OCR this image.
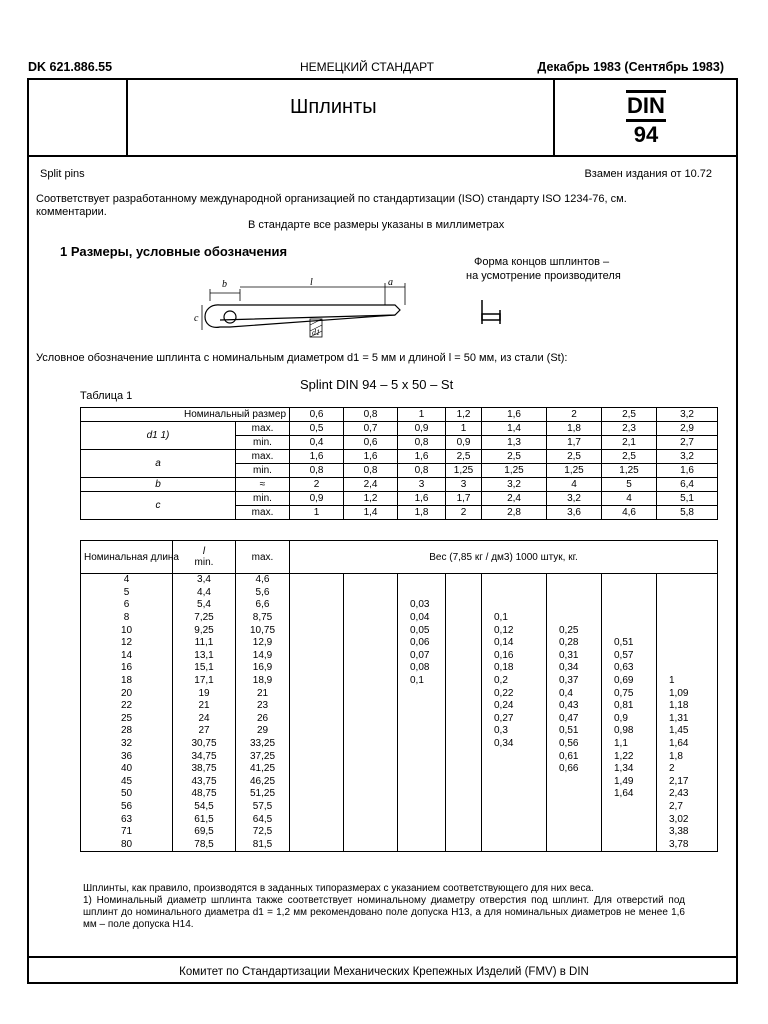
DK 621.886.55	НЕМЕЦКИЙ СТАНДАРТ	Декабрь 1983 (Сентябрь 1983)
Шплинты	DIN
94
Split pins	Взамен издания от 10.72
Соответствует разработанному международной организацией по стандартизации (ISO) стандарту ISO 1234-76, см. комментарии.
В стандарте все размеры указаны в миллиметрах
1 Размеры, условные обозначения
Форма концов шплинтов –
на усмотрение производителя
b	l	a
c
d1
Условное обозначение шплинта с номинальным диаметром d1 = 5 мм и длиной l = 50 мм, из стали (St):
Splint DIN 94 – 5 x 50 – St
Таблица 1
Номинальный размер		0,6	0,8	1	1,2	1,6	2	2,5	3,2
d1 1)	max.	0,5	0,7	0,9	1	1,4	1,8	2,3	2,9
	min.	0,4	0,6	0,8	0,9	1,3	1,7	2,1	2,7
a	max.	1,6	1,6	1,6	2,5	2,5	2,5	2,5	3,2
	min.	0,8	0,8	0,8	1,25	1,25	1,25	1,25	1,6
b	≈	2	2,4	3	3	3,2	4	5	6,4
c	min.	0,9	1,2	1,6	1,7	2,4	3,2	4	5,1
	max.	1	1,4	1,8	2	2,8	3,6	4,6	5,8
Номинальная длина	l
min.	max.	Вес (7,85 кг / дм3) 1000 штук, кг.							
4	3,4	4,6								
5	4,4	5,6								
6	5,4	6,6			0,03					
8	7,25	8,75			0,04		0,1			
10	9,25	10,75			0,05		0,12	0,25		
12	11,1	12,9			0,06		0,14	0,28	0,51	
14	13,1	14,9			0,07		0,16	0,31	0,57	
16	15,1	16,9			0,08		0,18	0,34	0,63	
18	17,1	18,9			0,1		0,2	0,37	0,69	1
20	19	21					0,22	0,4	0,75	1,09
22	21	23					0,24	0,43	0,81	1,18
25	24	26					0,27	0,47	0,9	1,31
28	27	29					0,3	0,51	0,98	1,45
32	30,75	33,25					0,34	0,56	1,1	1,64
36	34,75	37,25						0,61	1,22	1,8
40	38,75	41,25						0,66	1,34	2
45	43,75	46,25							1,49	2,17
50	48,75	51,25							1,64	2,43
56	54,5	57,5								2,7
63	61,5	64,5								3,02
71	69,5	72,5								3,38
80	78,5	81,5								3,78
Шплинты, как правило, производятся в заданных типоразмерах с указанием соответствующего для них веса.
1) Номинальный диаметр шплинта также соответствует номинальному диаметру отверстия под шплинт. Для отверстий под шплинт до номинального диаметра d1 = 1,2 мм рекомендовано поле допуска H13, а для номинальных диаметров не менее 1,6 мм – поле допуска H14.
Комитет по Стандартизации Механических Крепежных Изделий (FMV) в DIN
